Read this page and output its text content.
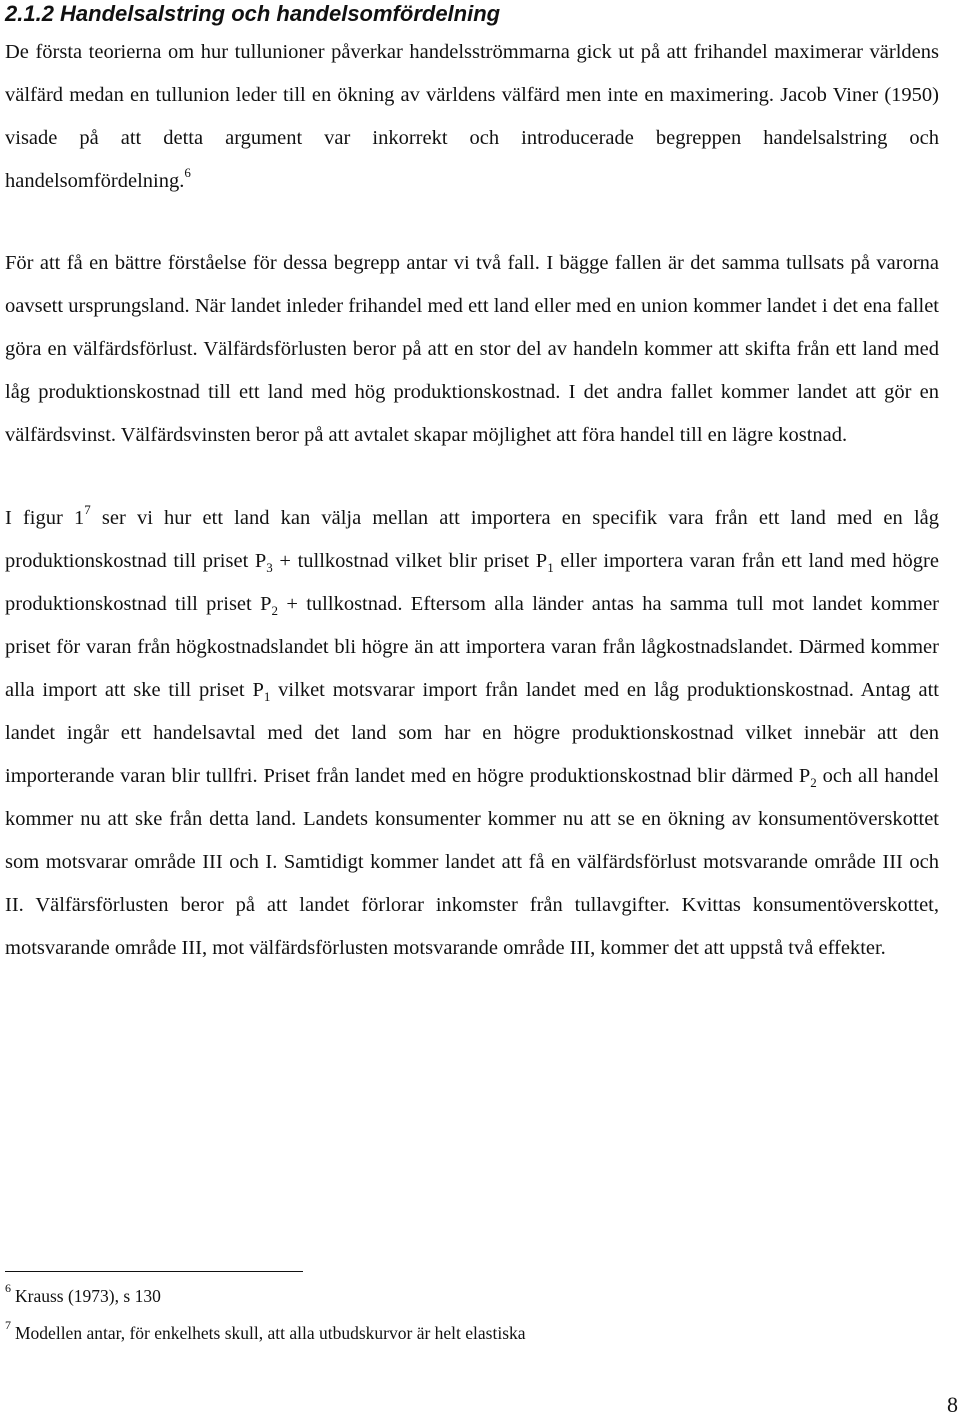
2.1.2 Handelsalstring och handelsomfördelning

De första teorierna om hur tullunioner påverkar handelsströmmarna gick ut på att frihandel maximerar världens välfärd medan en tullunion leder till en ökning av världens välfärd men inte en maximering. Jacob Viner (1950) visade på att detta argument var inkorrekt och introducerade begreppen handelsalstring och handelsomfördelning.$^6$

För att få en bättre förståelse för dessa begrepp antar vi två fall. I bägge fallen är det samma tullsats på varorna oavsett ursprungsland. När landet inleder frihandel med ett land eller med en union kommer landet i det ena fallet göra en välfärdsförlust. Välfärdsförlusten beror på att en stor del av handeln kommer att skifta från ett land med låg produktionskostnad till ett land med hög produktionskostnad. I det andra fallet kommer landet att gör en välfärdsvinst. Välfärdsvinsten beror på att avtalet skapar möjlighet att föra handel till en lägre kostnad.

I figur $1^7$ ser vi hur ett land kan välja mellan att importera en specifik vara från ett land med en låg produktionskostnad till priset $P_3$ + tullkostnad vilket blir priset $P_1$ eller importera varan från ett land med högre produktionskostnad till priset $P_2$ + tullkostnad. Eftersom alla länder antas ha samma tull mot landet kommer priset för varan från högkostnadslandet bli högre än att importera varan från lågkostnadslandet. Därmed kommer alla import att ske till priset $P_1$ vilket motsvarar import från landet med en låg produktionskostnad. Antag att landet ingår ett handelsavtal med det land som har en högre produktionskostnad vilket innebär att den importerande varan blir tullfri. Priset från landet med en högre produktionskostnad blir därmed $P_2$ och all handel kommer nu att ske från detta land. Landets konsumenter kommer nu att se en ökning av konsumentöverskottet som motsvarar område III och I. Samtidigt kommer landet att få en välfärdsförlust motsvarande område III och II. Välfärsförlusten beror på att landet förlorar inkomster från tullavgifter. Kvittas konsumentöverskottet, motsvarande område III, mot välfärdsförlusten motsvarande område III, kommer det att uppstå två effekter.

$^6$ Krauss (1973), s 130
$^7$ Modellen antar, för enkelhets skull, att alla utbudskurvor är helt elastiska
8
